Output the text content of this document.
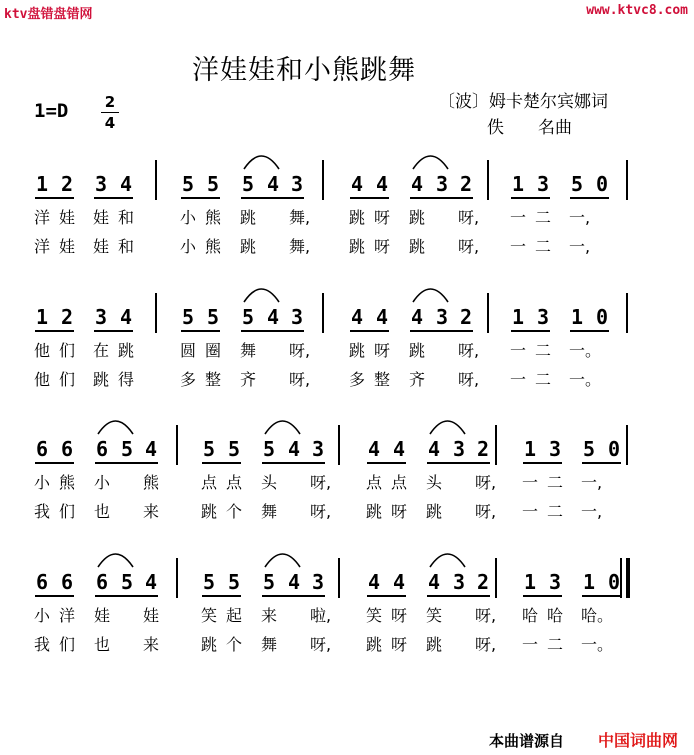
ktv盘错盘错网	www.ktvc8.com
洋娃娃和小熊跳舞
1=D 2
4
〔波〕姆卡楚尔宾娜词
佚　　名曲
1 2 3 4 5 5 5 4 3 4 4 4 3 2 1 3 5 0
洋 娃 娃 和	小 熊 跳 舞, 跳 呀 跳 呀, 一 二 一,
洋 娃 娃 和	小 熊 跳 舞, 跳 呀 跳 呀, 一 二 一,
1 2 3 4 5 5 5 4 3 4 4 4 3 2 1 3 1 0
他 们 在 跳	圆 圈 舞 呀, 跳 呀 跳 呀, 一 二 一。
他 们 跳 得	多 整 齐 呀, 多 整 齐 呀, 一 二 一。
6 6 6 5 4 5 5 5 4 3 4 4 4 3 2 1 3 5 0
小 熊 小 熊	点 点 头 呀, 点 点 头 呀, 一 二 一,
我 们 也 来	跳 个 舞 呀, 跳 呀 跳 呀, 一 二 一,
6 6 6 5 4 5 5 5 4 3 4 4 4 3 2 1 3 1 0
小 洋 娃 娃	笑 起 来 啦, 笑 呀 笑 呀, 哈 哈 哈。
我 们 也 来	跳 个 舞 呀, 跳 呀 跳 呀, 一 二 一。
本曲谱源自 中国词曲网
